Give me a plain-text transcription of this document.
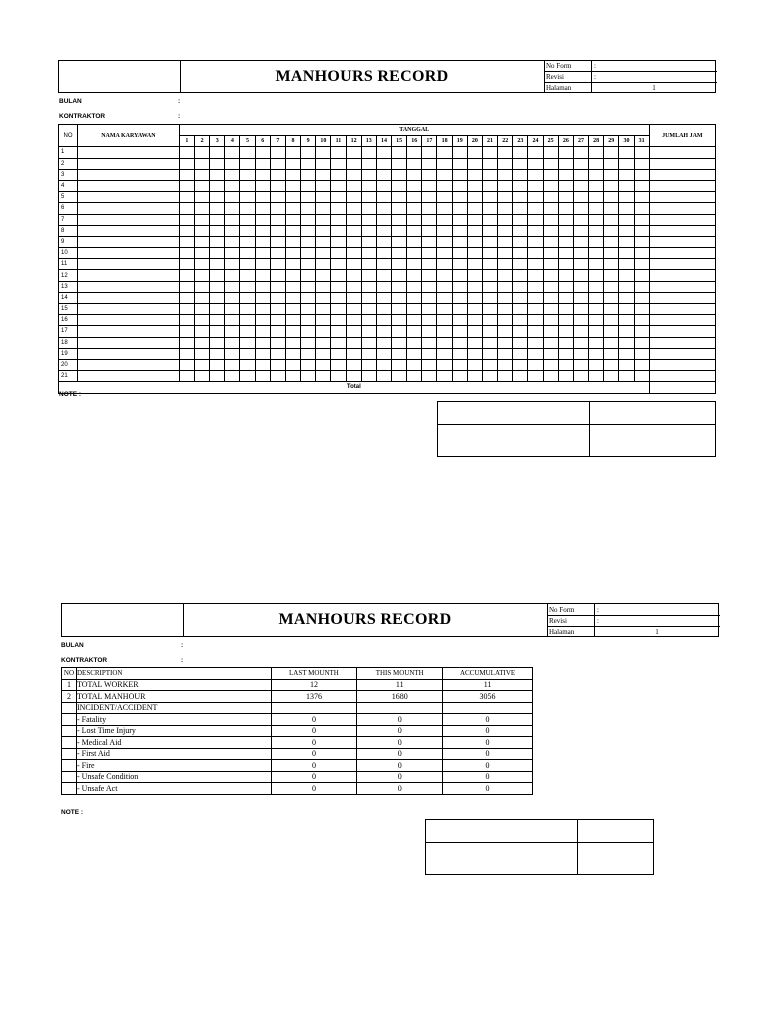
MANHOURS RECORD
No Form	:
Revisi	:
Halaman	1
BULAN	:
KONTRAKTOR	:
NO	NAMA KARYAWAN	TANGGAL																															JUMLAH JAM
		1	2	3	4	5	6	7	8	9	10	11	12	13	14	15	16	17	18	19	20	21	22	23	24	25	26	27	28	29	30	31	
1																																	
2																																	
3																																	
4																																	
5																																	
6																																	
7																																	
8																																	
9																																	
10																																	
11																																	
12																																	
13																																	
14																																	
15																																	
16																																	
17																																	
18																																	
19																																	
20																																	
21																																	
Total																																	
NOTE :
MANHOURS RECORD
No Form	:
Revisi	:
Halaman	1
BULAN	:
KONTRAKTOR	:
NO	DESCRIPTION	LAST MOUNTH	THIS MOUNTH	ACCUMULATIVE
1	TOTAL WORKER	12	11	11
2	TOTAL MANHOUR	1376	1680	3056
	INCIDENT/ACCIDENT			
	- Fatality	0	0	0
	- Lost Time Injury	0	0	0
	- Medical Aid	0	0	0
	- First Aid	0	0	0
	- Fire	0	0	0
	- Unsafe Condition	0	0	0
	- Unsafe Act	0	0	0
NOTE :
